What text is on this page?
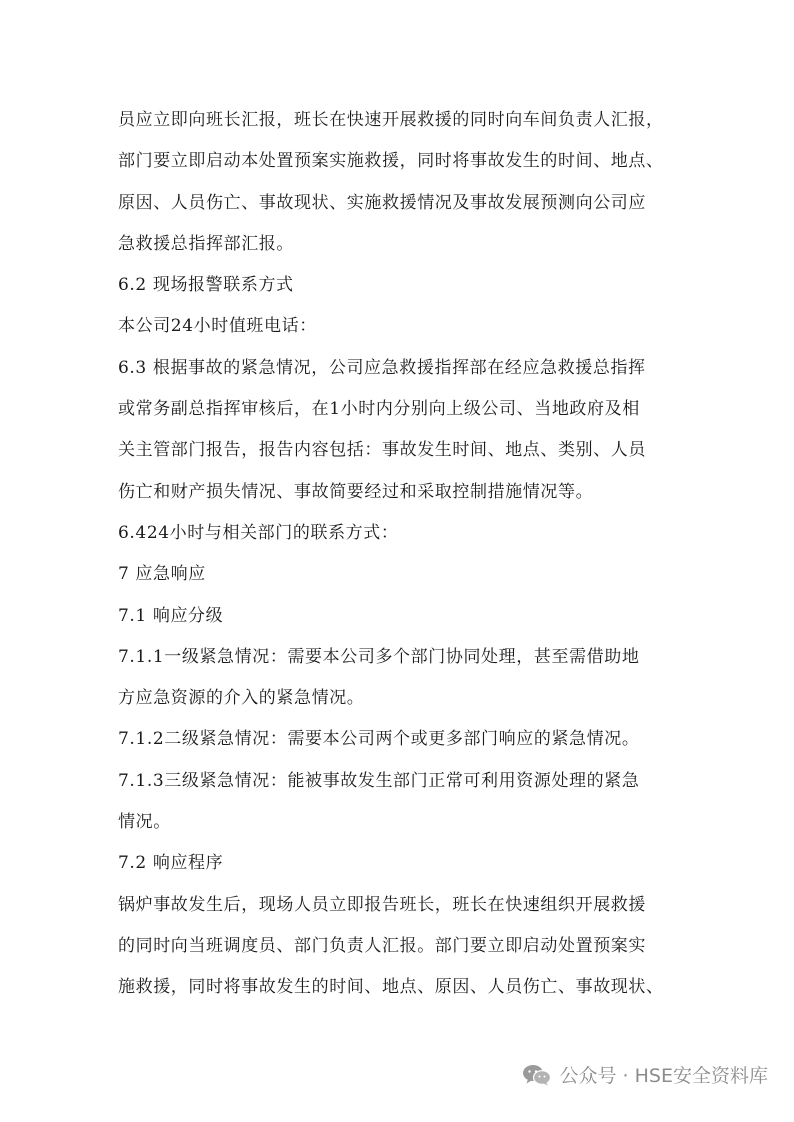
员应立即向班长汇报，班长在快速开展救援的同时向车间负责人汇报，
部门要立即启动本处置预案实施救援，同时将事故发生的时间、地点、
原因、人员伤亡、事故现状、实施救援情况及事故发展预测向公司应
急救援总指挥部汇报。
6.2 现场报警联系方式
本公司24小时值班电话：
6.3 根据事故的紧急情况，公司应急救援指挥部在经应急救援总指挥
或常务副总指挥审核后，在1小时内分别向上级公司、当地政府及相
关主管部门报告，报告内容包括：事故发生时间、地点、类别、人员
伤亡和财产损失情况、事故简要经过和采取控制措施情况等。
6.424小时与相关部门的联系方式：
7 应急响应
7.1 响应分级
7.1.1一级紧急情况：需要本公司多个部门协同处理，甚至需借助地
方应急资源的介入的紧急情况。
7.1.2二级紧急情况：需要本公司两个或更多部门响应的紧急情况。
7.1.3三级紧急情况：能被事故发生部门正常可利用资源处理的紧急
情况。
7.2 响应程序
锅炉事故发生后，现场人员立即报告班长，班长在快速组织开展救援
的同时向当班调度员、部门负责人汇报。部门要立即启动处置预案实
施救援，同时将事故发生的时间、地点、原因、人员伤亡、事故现状、
公众号 · HSE安全资料库
